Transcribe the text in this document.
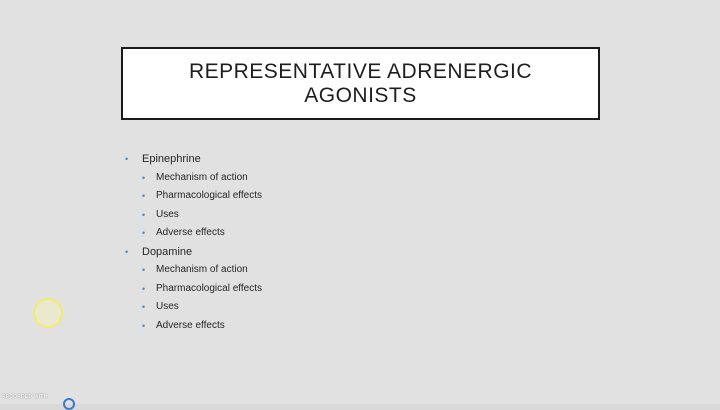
REPRESENTATIVE ADRENERGIC
AGONISTS
• Epinephrine
• Mechanism of action
• Pharmacological effects
• Uses
• Adverse effects
• Dopamine
• Mechanism of action
• Pharmacological effects
• Uses
• Adverse effects
RECORDED WITH
